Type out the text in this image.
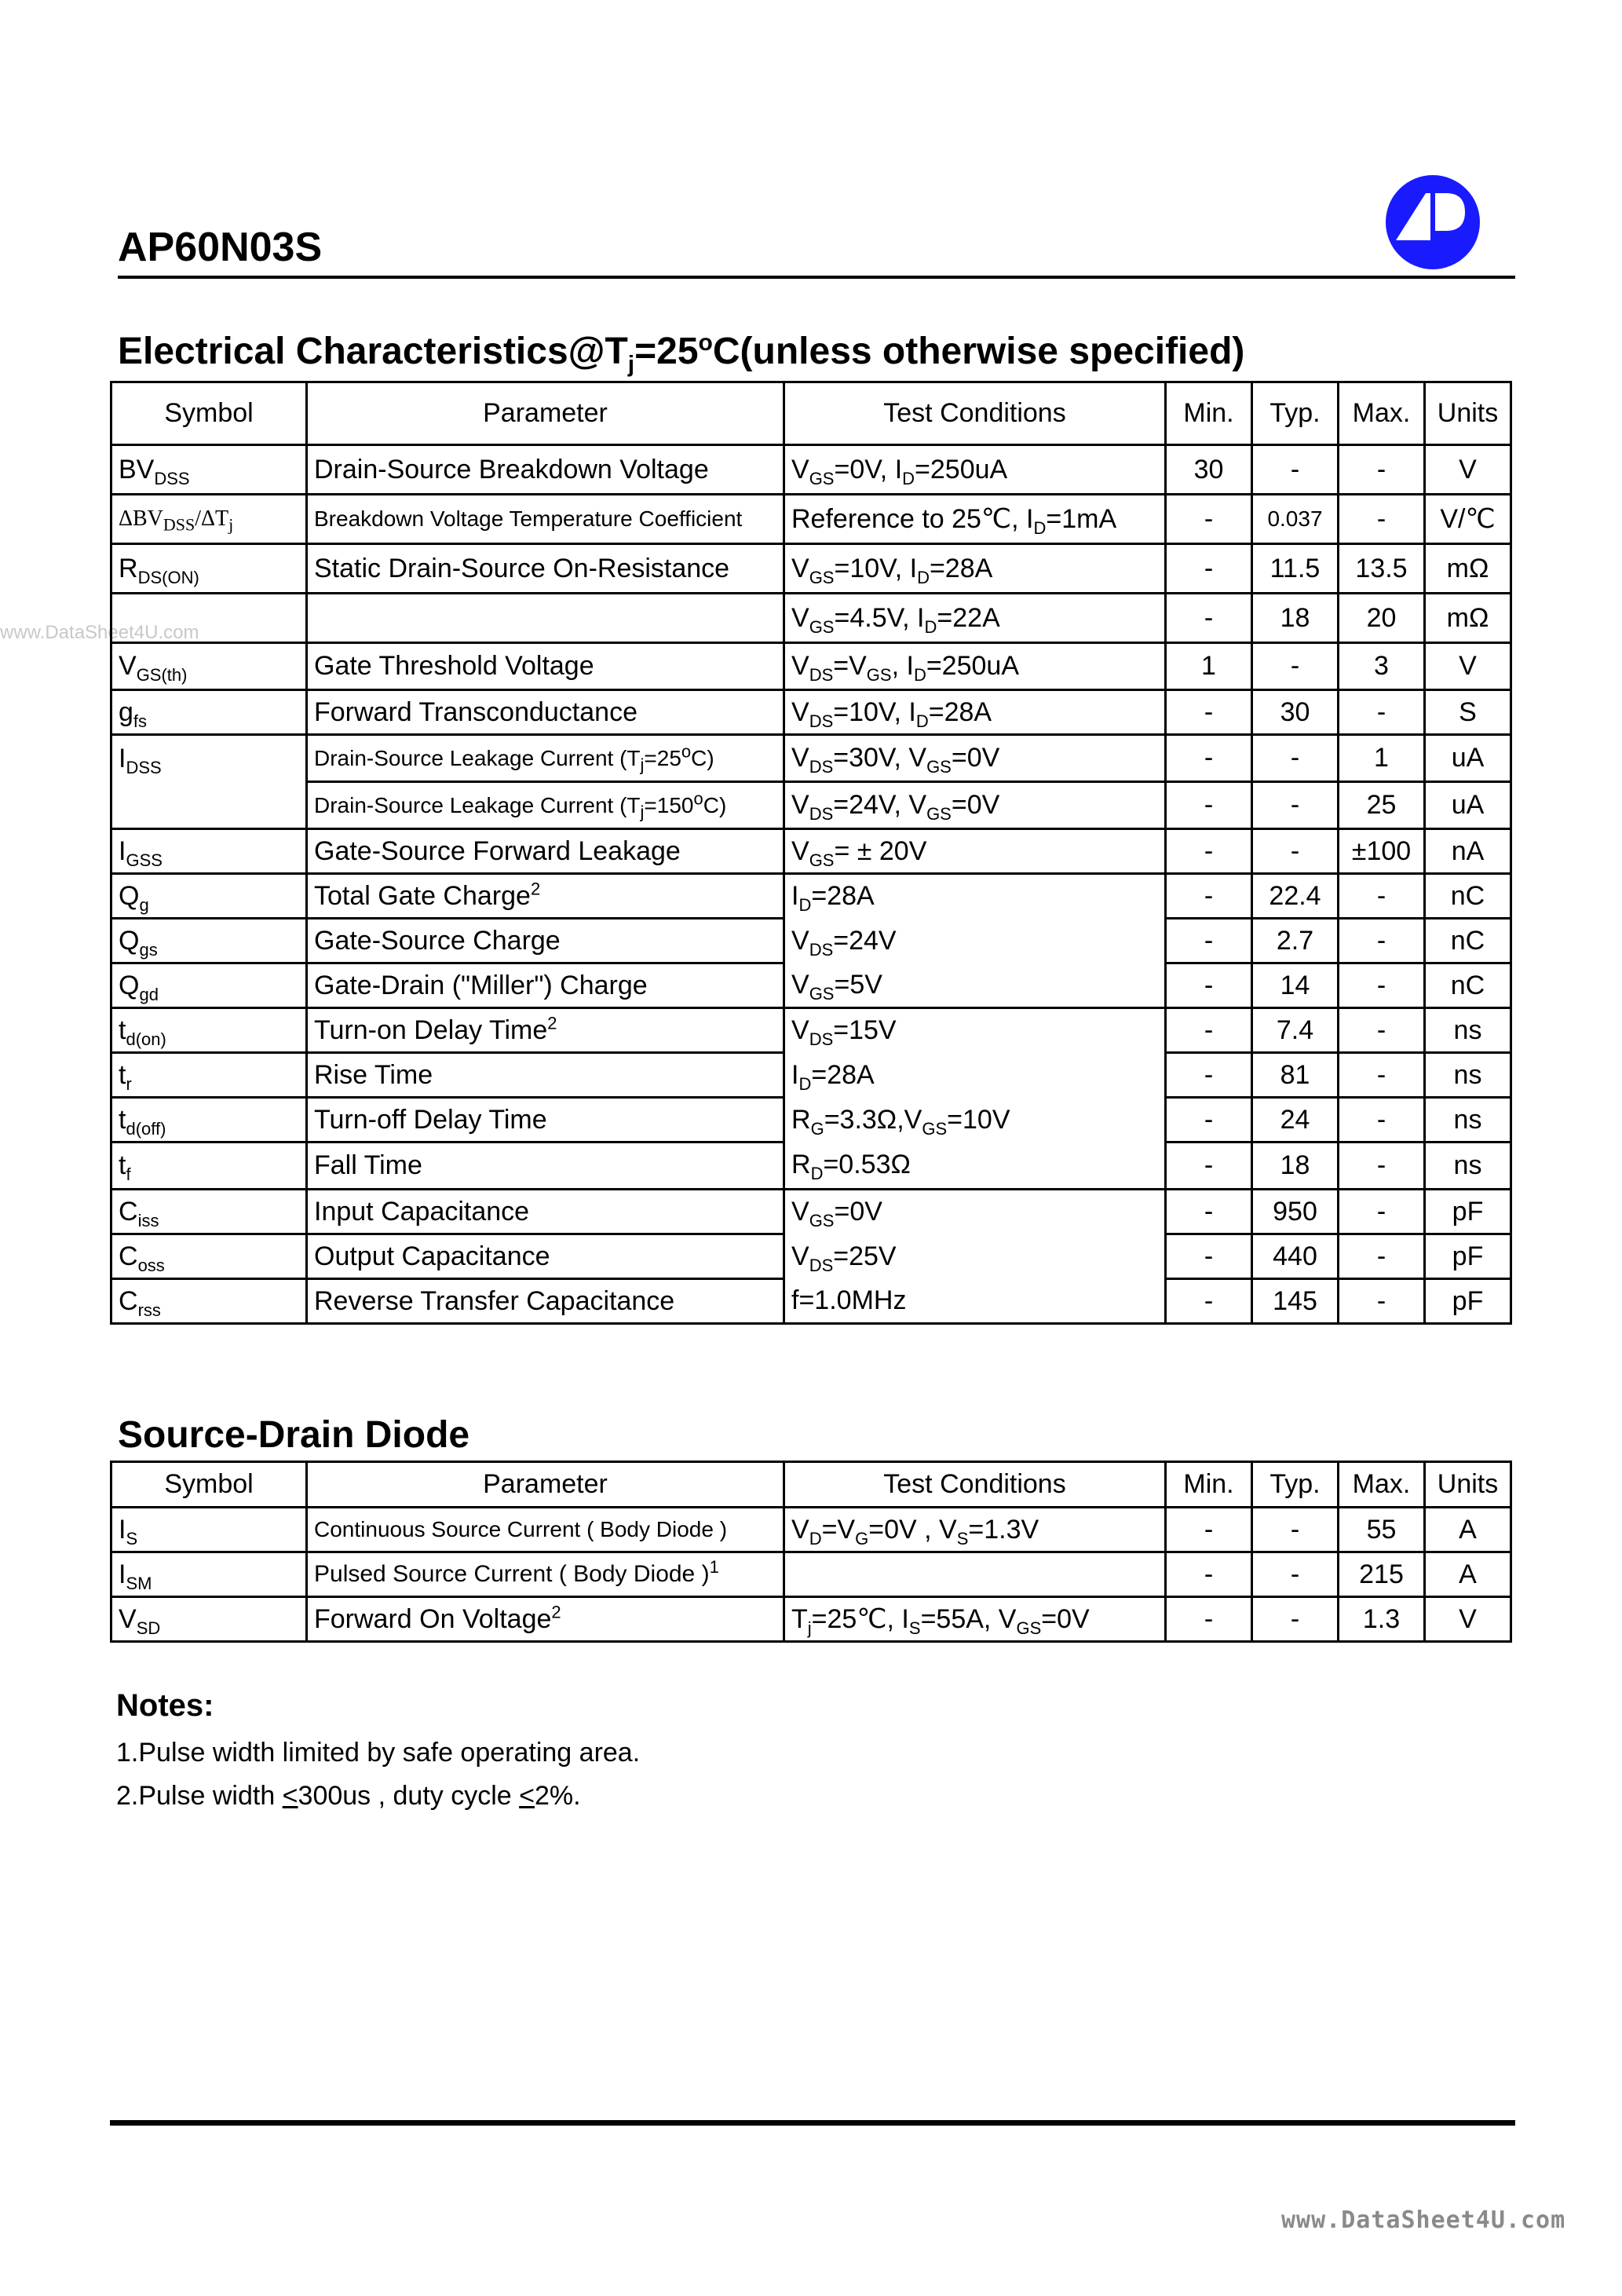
AP60N03S
www.DataSheet4U.com
Electrical $Characteristics@T_j=25^oC(unless$ otherwise specified)
Symbol	Parameter	Test Conditions	Min.	Typ.	Max.	Units
$BV_{DSS}$	Drain-Source Breakdown Voltage	$V_{GS}=0V$, $I_D=250uA$	30	-	-	V
$\Delta BV_{DSS}/\Delta T_j$	Breakdown Voltage Temperature Coefficient	Reference to 25℃, $I_D=1mA$	-	0.037	-	V/℃
$R_{DS(ON)}$	Static Drain-Source On-Resistance	$V_{GS}=10V$, $I_D=28A$	-	11.5	13.5	mΩ
		$V_{GS}=4.5V$, $I_D=22A$	-	18	20	mΩ
$V_{GS(th)}$	Gate Threshold Voltage	$V_{DS}=V_{GS}$, $I_D=250uA$	1	-	3	V
$g_{fs}$	Forward Transconductance	$V_{DS}=10V$, $I_D=28A$	-	30	-	S
$I_{DSS}$	Drain-Source Leakage Current $(T_j=25^oC)$	$V_{DS}=30V$, $V_{GS}=0V$	-	-	1	uA
	Drain-Source Leakage Current $(T_j=150^oC)$	$V_{DS}=24V$, $V_{GS}=0V$	-	-	25	uA
$I_{GSS}$	Gate-Source Forward Leakage	$V_{GS}= \pm 20V$	-	-	±100	nA
$Q_g$	Total Gate Charge$^2$	$I_D=28A$	-	22.4	-	nC
$Q_{gs}$	Gate-Source Charge	$V_{DS}=24V$	-	2.7	-	nC
$Q_{gd}$	Gate-Drain ("Miller") Charge	$V_{GS}=5V$	-	14	-	nC
$t_{d(on)}$	Turn-on Delay Time$^2$	$V_{DS}=15V$	-	7.4	-	ns
$t_r$	Rise Time	$I_D=28A$	-	81	-	ns
$t_{d(off)}$	Turn-off Delay Time	$R_G=3.3\Omega,V_{GS}=10V$	-	24	-	ns
$t_f$	Fall Time	$R_D=0.53\Omega$	-	18	-	ns
$C_{iss}$	Input Capacitance	$V_{GS}=0V$	-	950	-	pF
$C_{oss}$	Output Capacitance	$V_{DS}=25V$	-	440	-	pF
$C_{rss}$	Reverse Transfer Capacitance	f=1.0MHz	-	145	-	pF
Source-Drain Diode
Symbol	Parameter	Test Conditions	Min.	Typ.	Max.	Units
$I_S$	Continuous Source Current ( Body Diode )	$V_D=V_G=0V$ , $V_S=1.3V$	-	-	55	A
$I_{SM}$	Pulsed Source Current ( Body Diode )$^1$		-	-	215	A
$V_{SD}$	Forward On Voltage$^2$	$T_j=25℃$, $I_S=55A$, $V_{GS}=0V$	-	-	1.3	V

Notes:

1.Pulse width limited by safe operating area.

2.Pulse width <300us , duty cycle <2%.

www.DataSheet4U.com
